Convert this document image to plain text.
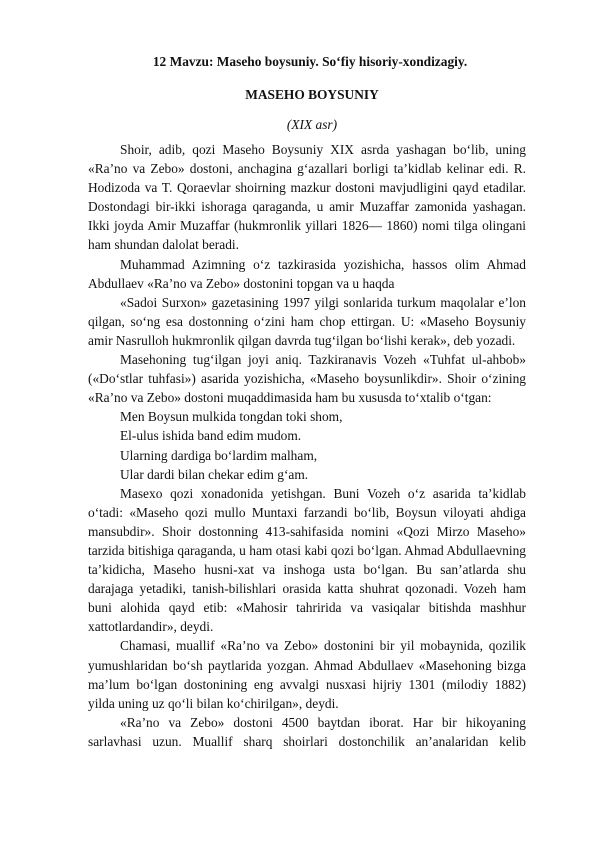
12 Mavzu: Maseho boysuniy. So‘fiy hisoriy-xondizagiy.
MASEHO BOYSUNIY
(XIX asr)

Shoir, adib, qozi Maseho Boysuniy XIX asrda yashagan bo‘lib, uning «Ra’no va Zebo» dostoni, anchagina g‘azallari borligi ta’kidlab kelinar edi. R. Hodizoda va T. Qoraevlar shoirning mazkur dostoni mavjudligini qayd etadilar. Dostondagi bir-ikki ishoraga qaraganda, u amir Muzaffar zamonida yashagan. Ikki joyda Amir Muzaffar (hukmronlik yillari 1826— 1860) nomi tilga olingani ham shundan dalolat beradi.

Muhammad Azimning o‘z tazkirasida yozishicha, hassos olim Ahmad Abdullaev «Ra’no va Zebo» dostonini topgan va u haqda

«Sadoi Surxon» gazetasining 1997 yilgi sonlarida turkum maqolalar e’lon qilgan, so‘ng esa dostonning o‘zini ham chop ettirgan. U: «Maseho Boysuniy amir Nasrulloh hukmronlik qilgan davrda tug‘ilgan bo‘lishi kerak», deb yozadi.

Masehoning tug‘ilgan joyi aniq. Tazkiranavis Vozeh «Tuhfat ul-ahbob» («Do‘stlar tuhfasi») asarida yozishicha, «Maseho boysunlikdir». Shoir o‘zining «Ra’no va Zebo» dostoni muqaddimasida ham bu xususda to‘xtalib o‘tgan:

Men Boysun mulkida tongdan toki shom,
El-ulus ishida band edim mudom.
Ularning dardiga bo‘lardim malham,
Ular dardi bilan chekar edim g‘am.

Masexo qozi xonadonida yetishgan. Buni Vozeh o‘z asarida ta’kidlab o‘tadi: «Maseho qozi mullo Muntaxi farzandi bo‘lib, Boysun viloyati ahdiga mansubdir». Shoir dostonning 413-sahifasida nomini «Qozi Mirzo Maseho» tarzida bitishiga qaraganda, u ham otasi kabi qozi bo‘lgan. Ahmad Abdullaevning ta’kidicha, Maseho husni-xat va inshoga usta bo‘lgan. Bu san’atlarda shu darajaga yetadiki, tanish-bilishlari orasida katta shuhrat qozonadi. Vozeh ham buni alohida qayd etib: «Mahosir tahririda va vasiqalar bitishda mashhur xattotlardandir», deydi.

Chamasi, muallif «Ra’no va Zebo» dostonini bir yil mobaynida, qozilik yumushlaridan bo‘sh paytlarida yozgan. Ahmad Abdullaev «Masehoning bizga ma’lum bo‘lgan dostonining eng avvalgi nusxasi hijriy 1301 (milodiy 1882) yilda uning uz qo‘li bilan ko‘chirilgan», deydi.

«Ra’no va Zebo» dostoni 4500 baytdan iborat. Har bir hikoyaning sarlavhasi uzun. Muallif sharq shoirlari dostonchilik an’analaridan kelib
